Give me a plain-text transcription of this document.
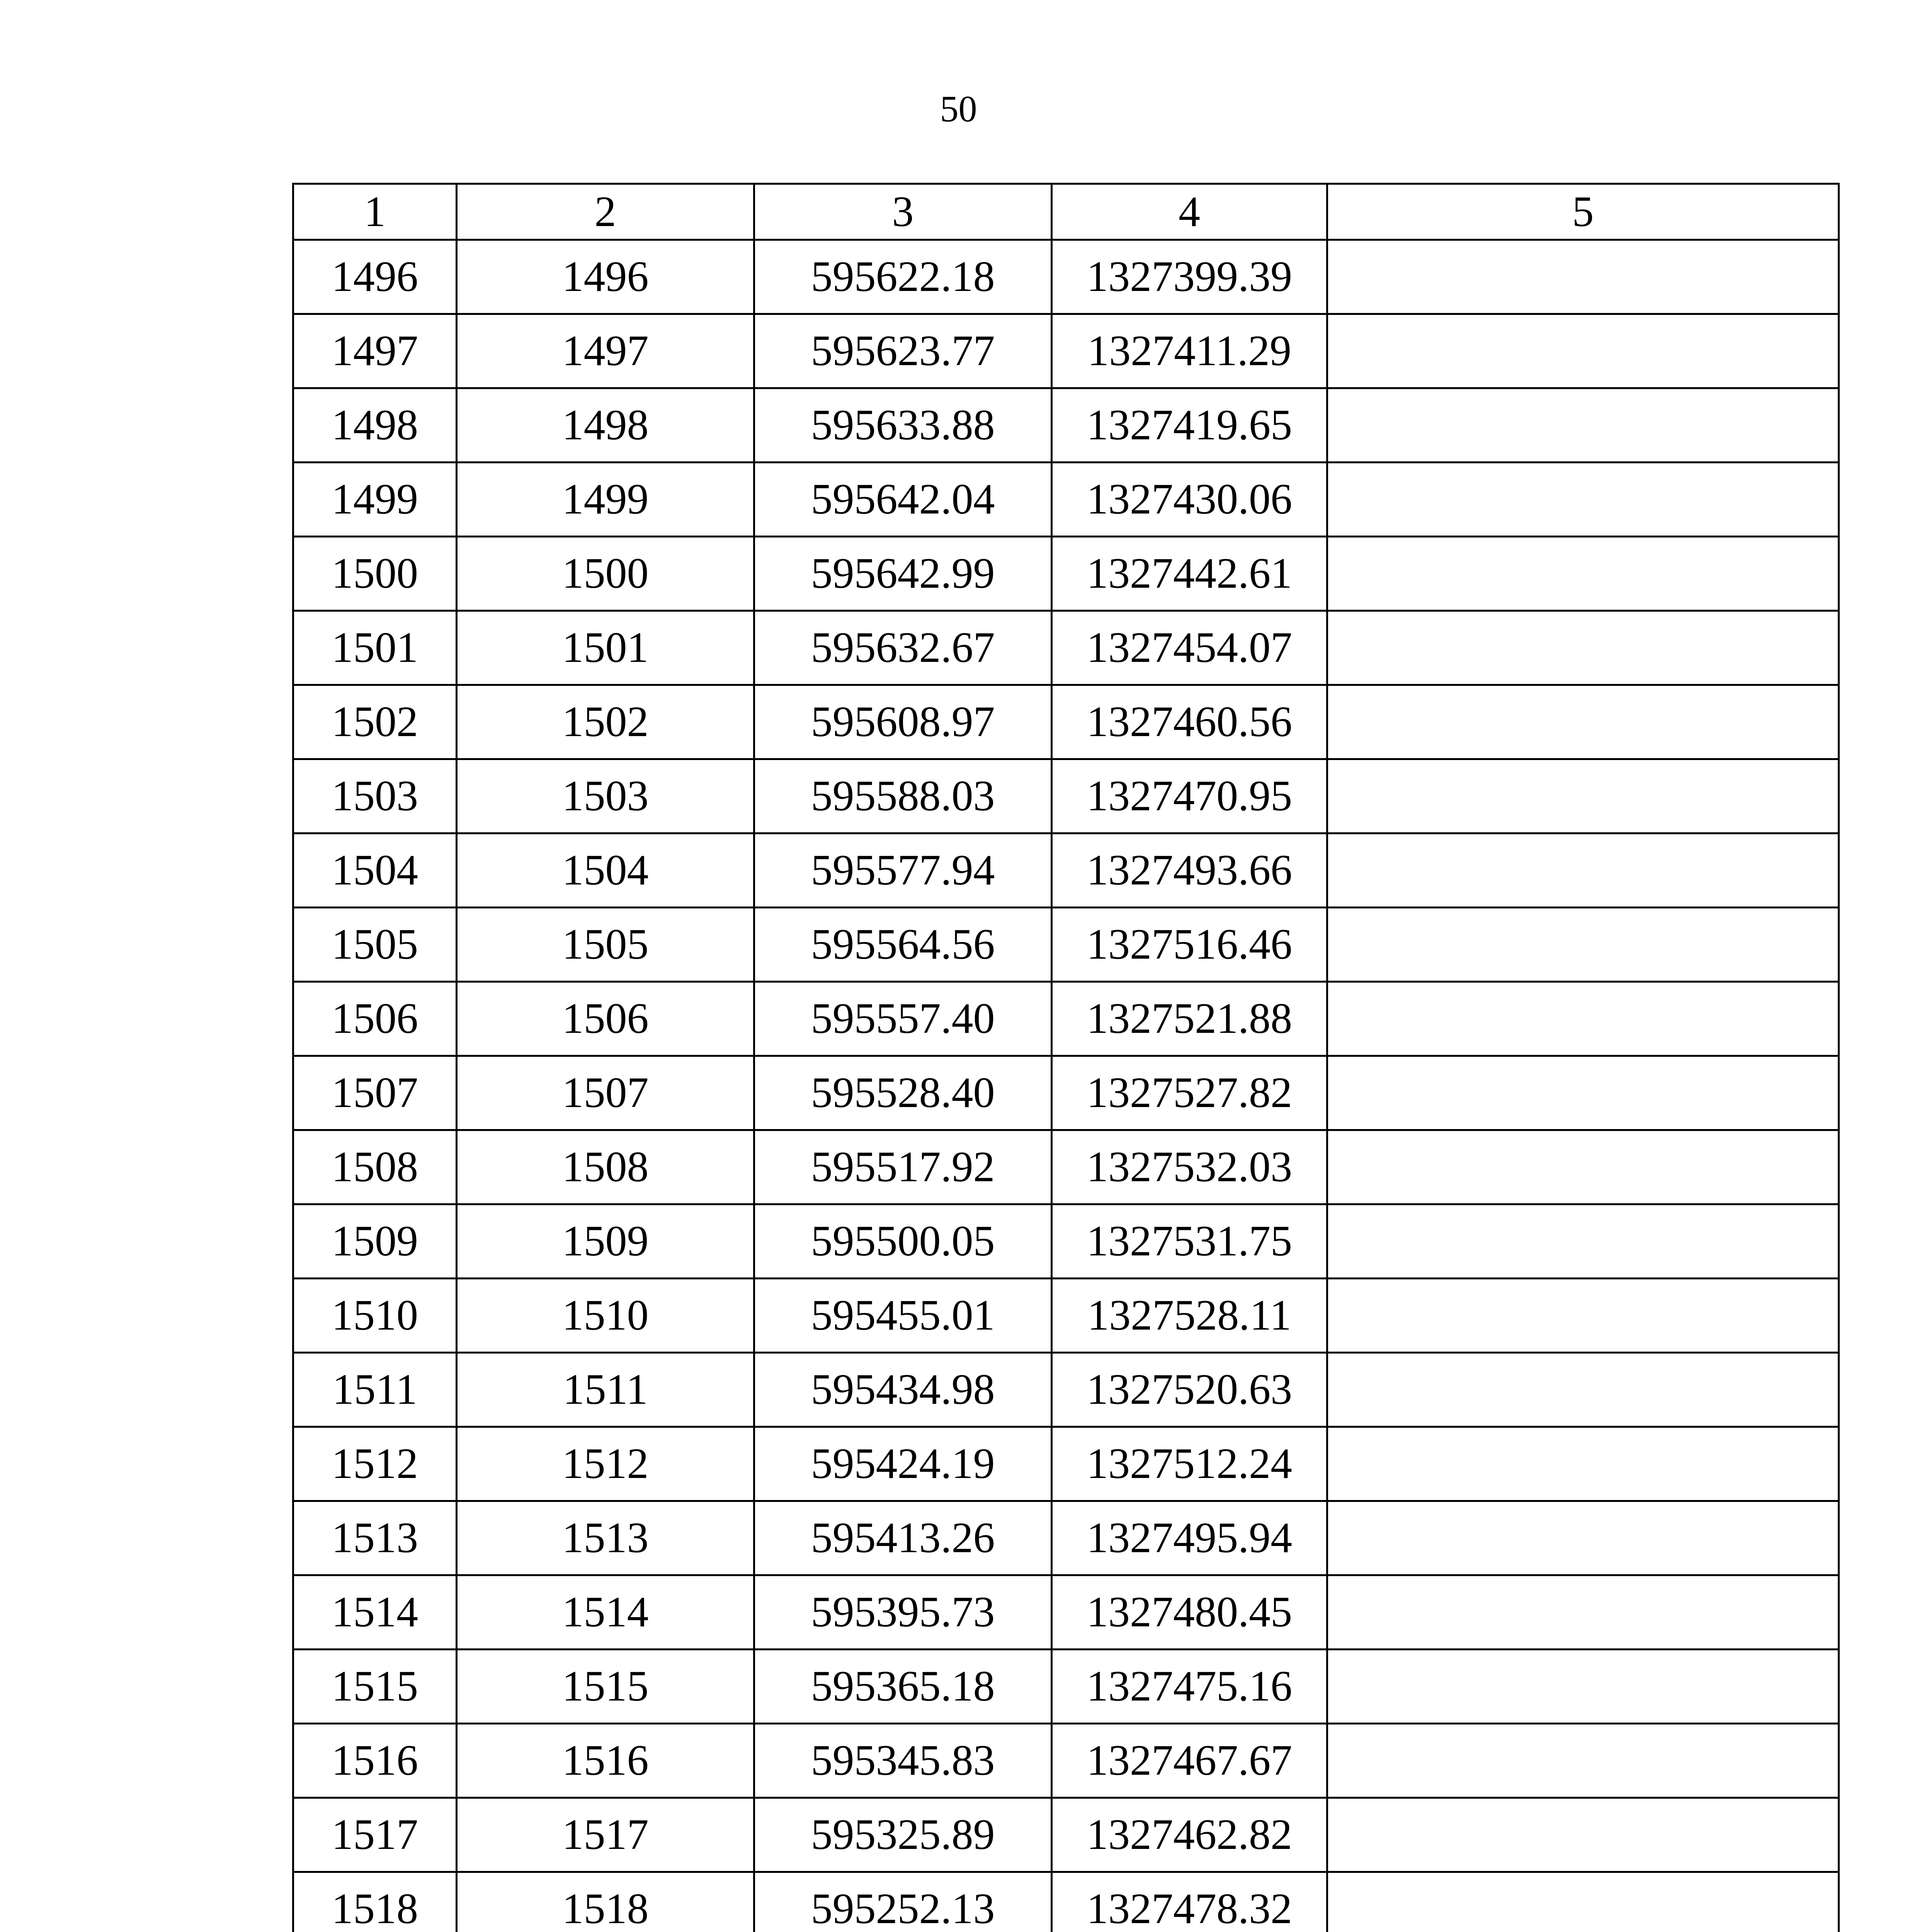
50
1	2	3	4	5
1496	1496	595622.18	1327399.39	
1497	1497	595623.77	1327411.29	
1498	1498	595633.88	1327419.65	
1499	1499	595642.04	1327430.06	
1500	1500	595642.99	1327442.61	
1501	1501	595632.67	1327454.07	
1502	1502	595608.97	1327460.56	
1503	1503	595588.03	1327470.95	
1504	1504	595577.94	1327493.66	
1505	1505	595564.56	1327516.46	
1506	1506	595557.40	1327521.88	
1507	1507	595528.40	1327527.82	
1508	1508	595517.92	1327532.03	
1509	1509	595500.05	1327531.75	
1510	1510	595455.01	1327528.11	
1511	1511	595434.98	1327520.63	
1512	1512	595424.19	1327512.24	
1513	1513	595413.26	1327495.94	
1514	1514	595395.73	1327480.45	
1515	1515	595365.18	1327475.16	
1516	1516	595345.83	1327467.67	
1517	1517	595325.89	1327462.82	
1518	1518	595252.13	1327478.32	
